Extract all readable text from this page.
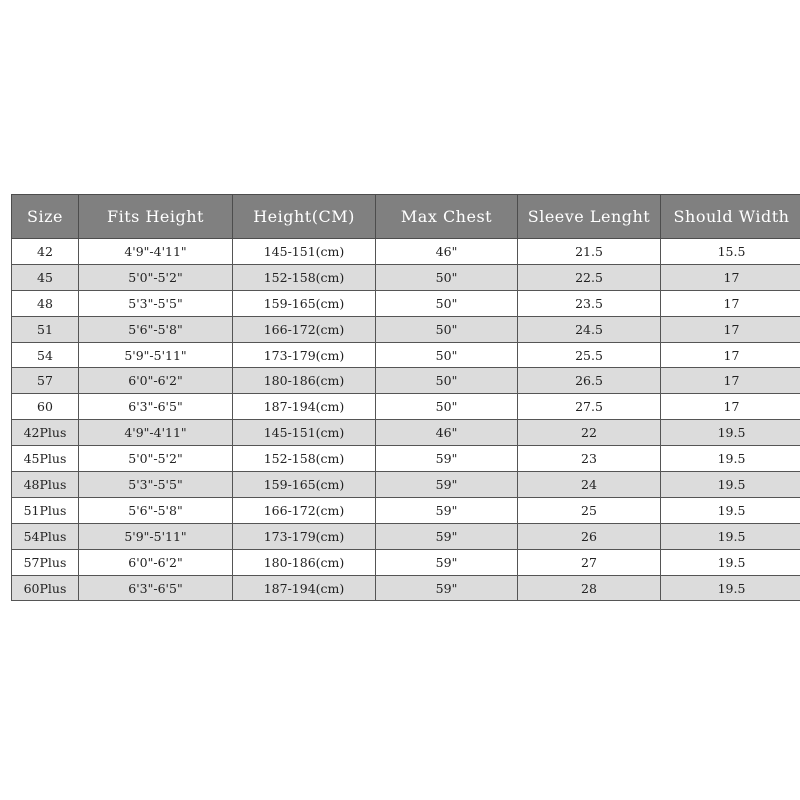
Size	Fits Height	Height(CM)	Max Chest	Sleeve Lenght	Should Width
42	4'9"-4'11"	145-151(cm)	46"	21.5	15.5
45	5'0"-5'2"	152-158(cm)	50"	22.5	17
48	5'3"-5'5"	159-165(cm)	50"	23.5	17
51	5'6"-5'8"	166-172(cm)	50"	24.5	17
54	5'9"-5'11"	173-179(cm)	50"	25.5	17
57	6'0"-6'2"	180-186(cm)	50"	26.5	17
60	6'3"-6'5"	187-194(cm)	50"	27.5	17
42Plus	4'9"-4'11"	145-151(cm)	46"	22	19.5
45Plus	5'0"-5'2"	152-158(cm)	59"	23	19.5
48Plus	5'3"-5'5"	159-165(cm)	59"	24	19.5
51Plus	5'6"-5'8"	166-172(cm)	59"	25	19.5
54Plus	5'9"-5'11"	173-179(cm)	59"	26	19.5
57Plus	6'0"-6'2"	180-186(cm)	59"	27	19.5
60Plus	6'3"-6'5"	187-194(cm)	59"	28	19.5
